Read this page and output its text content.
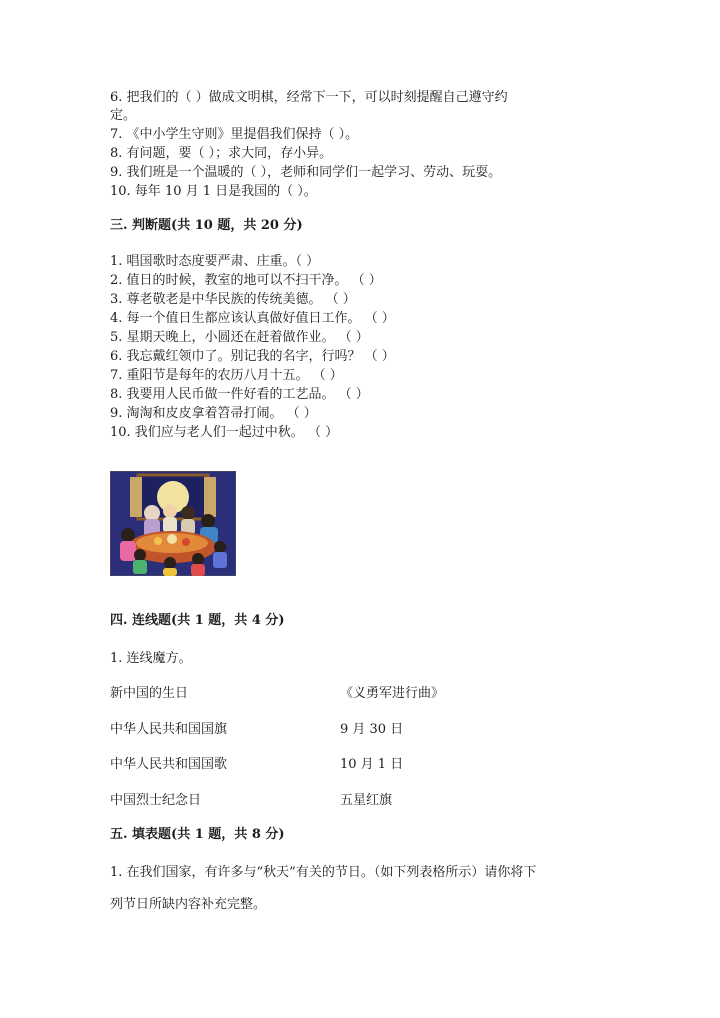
6. 把我们的（ ）做成文明棋，经常下一下，可以时刻提醒自己遵守约
定。
7. 《中小学生守则》里提倡我们保持（ ）。
8. 有问题，要（ ）；求大同，存小异。
9. 我们班是一个温暖的（ ），老师和同学们一起学习、劳动、玩耍。
10. 每年 10 月 1 日是我国的（ ）。
三. 判断题(共 10 题，共 20 分)
1. 唱国歌时态度要严肃、庄重。（ ）
2. 值日的时候，教室的地可以不扫干净。 （ ）
3. 尊老敬老是中华民族的传统美德。 （ ）
4. 每一个值日生都应该认真做好值日工作。 （ ）
5. 星期天晚上，小圆还在赶着做作业。 （ ）
6. 我忘戴红领巾了。别记我的名字，行吗？ （ ）
7. 重阳节是每年的农历八月十五。 （ ）
8. 我要用人民币做一件好看的工艺品。 （ ）
9. 淘淘和皮皮拿着笤帚打闹。 （ ）
10. 我们应与老人们一起过中秋。 （ ）
四. 连线题(共 1 题，共 4 分)
1. 连线魔方。
新中国的生日	《义勇军进行曲》
中华人民共和国国旗	9 月 30 日
中华人民共和国国歌	10 月 1 日
中国烈士纪念日	五星红旗
五. 填表题(共 1 题，共 8 分)
1. 在我们国家，有许多与“秋天”有关的节日。（如下列表格所示）请你将下
列节日所缺内容补充完整。
